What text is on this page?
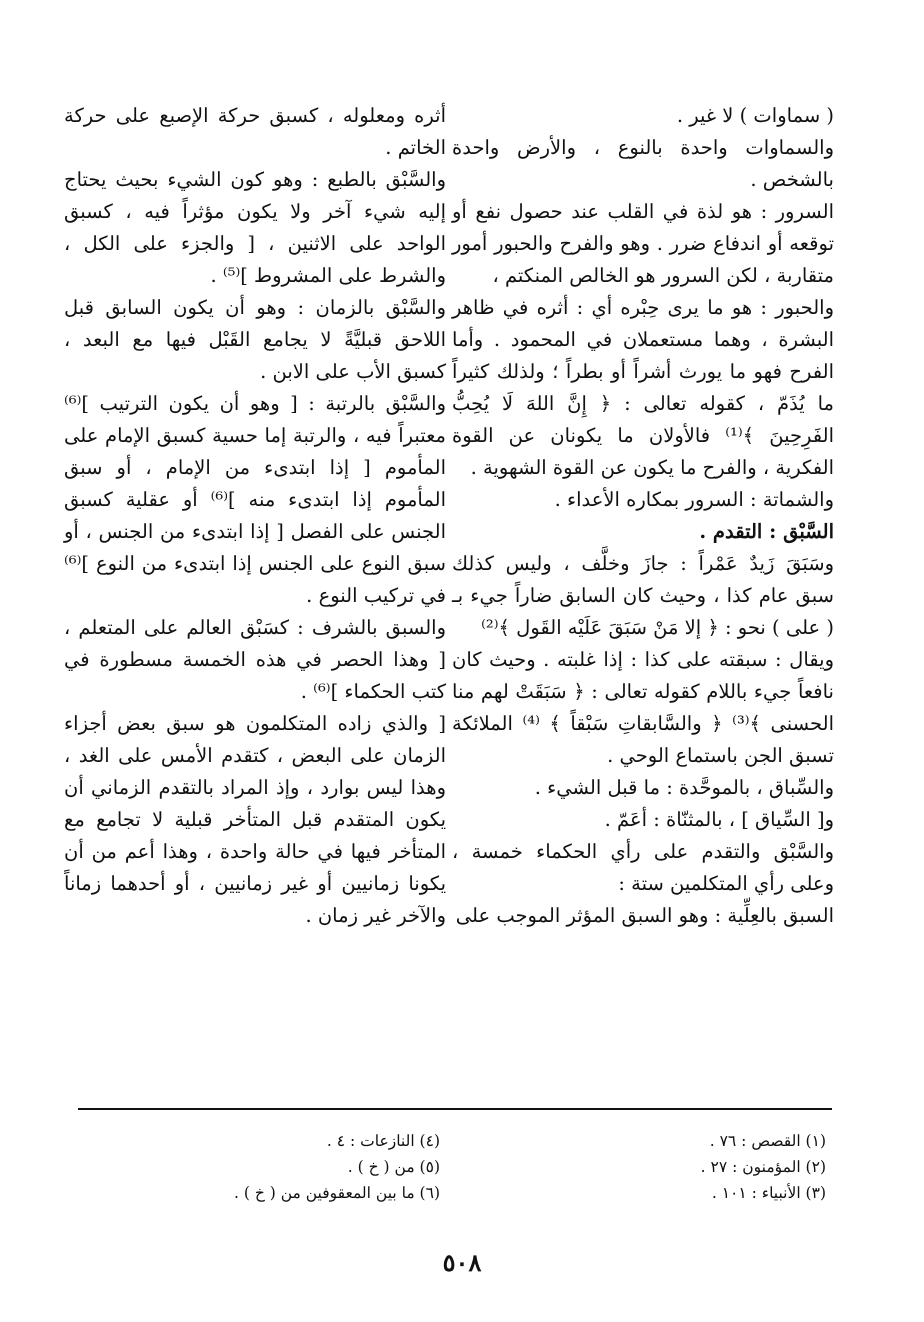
( سماوات ) لا غير .

والسماوات واحدة بالنوع ، والأرض واحدة بالشخص .

السرور : هو لذة في القلب عند حصول نفع أو توقعه أو اندفاع ضرر . وهو والفرح والحبور أمور متقاربة ، لكن السرور هو الخالص المنكتم ،

والحبور : هو ما يرى حِبْره أي : أثره في ظاهر البشرة ، وهما مستعملان في المحمود . وأما الفرح فهو ما يورث أشراً أو بطراً ؛ ولذلك كثيراً ما يُذَمّ ، كقوله تعالى : ﴿ إِنَّ اللهَ لَا يُحِبُّ الفَرِحِينَ ﴾⁽¹⁾ فالأولان ما يكونان عن القوة الفكرية ، والفرح ما يكون عن القوة الشهوية .

والشماتة : السرور بمكاره الأعداء .

السَّبْق : التقدم .

وسَبَقَ زَيدٌ عَمْراً : جازَ وخلَّف ، وليس كذلك سبق عام كذا ، وحيث كان السابق ضاراً جيء بـ ( على ) نحو : ﴿ إلا مَنْ سَبَقَ عَلَيْه القَول ﴾⁽²⁾

ويقال : سبقته على كذا : إذا غلبته . وحيث كان نافعاً جيء باللام كقوله تعالى : ﴿ سَبَقَتْ لهم منا الحسنى ﴾⁽³⁾ ﴿ والسَّابقاتِ سَبْقاً ﴾ ⁽⁴⁾ الملائكة تسبق الجن باستماع الوحي .

والسِّباق ، بالموحَّدة : ما قبل الشيء .

و[ السِّياق ] ، بالمثنّاة : أعَمّ .

والسَّبْق والتقدم على رأي الحكماء خمسة ، وعلى رأي المتكلمين ستة :

السبق بالعِلِّية : وهو السبق المؤثر الموجب على

أثره ومعلوله ، كسبق حركة الإصبع على حركة الخاتم .

والسَّبْق بالطبع : وهو كون الشيء بحيث يحتاج إليه شيء آخر ولا يكون مؤثراً فيه ، كسبق الواحد على الاثنين ، [ والجزء على الكل ، والشرط على المشروط ]⁽⁵⁾ .

والسَّبْق بالزمان : وهو أن يكون السابق قبل اللاحق قبليَّةً لا يجامع القَبْل فيها مع البعد ، كسبق الأب على الابن .

والسَّبْق بالرتبة : [ وهو أن يكون الترتيب ]⁽⁶⁾ معتبراً فيه ، والرتبة إما حسية كسبق الإمام على المأموم [ إذا ابتدىء من الإمام ، أو سبق المأموم إذا ابتدىء منه ]⁽⁶⁾ أو عقلية كسبق الجنس على الفصل [ إذا ابتدىء من الجنس ، أو سبق النوع على الجنس إذا ابتدىء من النوع ]⁽⁶⁾ في تركيب النوع .

والسبق بالشرف : كسَبْق العالم على المتعلم ، [ وهذا الحصر في هذه الخمسة مسطورة في كتب الحكماء ]⁽⁶⁾ .

[ والذي زاده المتكلمون هو سبق بعض أجزاء الزمان على البعض ، كتقدم الأمس على الغد ، وهذا ليس بوارد ، وإذ المراد بالتقدم الزماني أن يكون المتقدم قبل المتأخر قبلية لا تجامع مع المتأخر فيها في حالة واحدة ، وهذا أعم من أن يكونا زمانيين أو غير زمانيين ، أو أحدهما زماناً والآخر غير زمان .

(١) القصص : ٧٦ .
(٢) المؤمنون : ٢٧ .
(٣) الأنبياء : ١٠١ .
(٤) النازعات : ٤ .
(٥) من ( خ ) .
(٦) ما بين المعقوفين من ( خ ) .
٥٠٨
